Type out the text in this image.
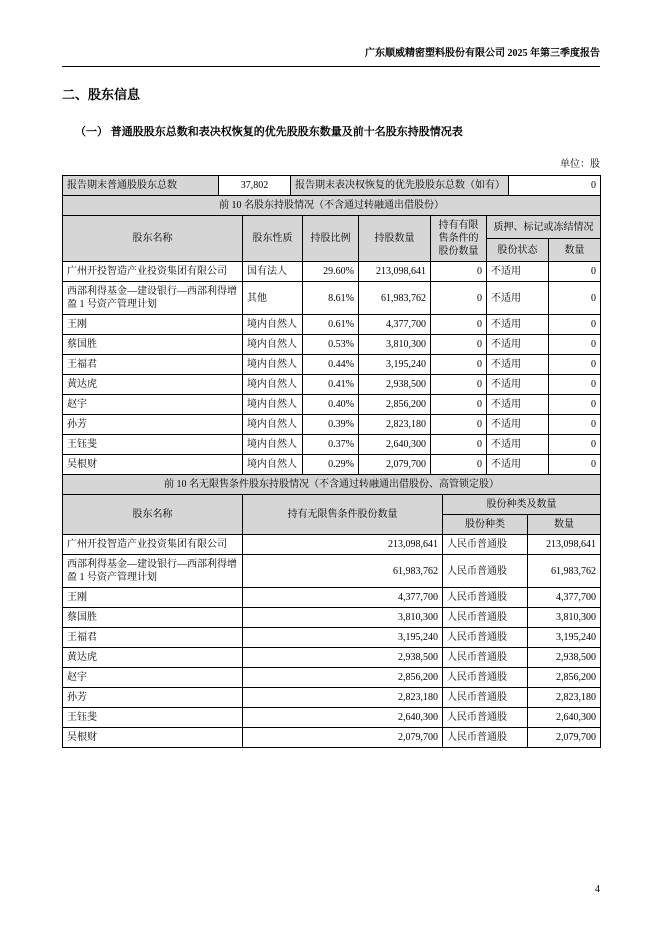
广东顺威精密塑料股份有限公司 2025 年第三季度报告
二、股东信息
（一） 普通股股东总数和表决权恢复的优先股股东数量及前十名股东持股情况表
单位：股
报告期末普通股股东总数	37,802	报告期末表决权恢复的优先股股东总数（如有）	0
前 10 名股东持股情况（不含通过转融通出借股份）						
股东名称	股东性质	持股比例	持股数量	持有有限售条件的股份数量	质押、标记或冻结情况	
					股份状态	数量
广州开投智造产业投资集团有限公司	国有法人	29.60%	213,098,641	0	不适用	0
西部利得基金—建设银行—西部利得增盈 1 号资产管理计划	其他	8.61%	61,983,762	0	不适用	0
王刚	境内自然人	0.61%	4,377,700	0	不适用	0
蔡国胜	境内自然人	0.53%	3,810,300	0	不适用	0
王福君	境内自然人	0.44%	3,195,240	0	不适用	0
黄达虎	境内自然人	0.41%	2,938,500	0	不适用	0
赵宇	境内自然人	0.40%	2,856,200	0	不适用	0
孙芳	境内自然人	0.39%	2,823,180	0	不适用	0
王钰斐	境内自然人	0.37%	2,640,300	0	不适用	0
吴根财	境内自然人	0.29%	2,079,700	0	不适用	0
前 10 名无限售条件股东持股情况（不含通过转融通出借股份、高管锁定股）			
股东名称	持有无限售条件股份数量	股份种类及数量	
		股份种类	数量
广州开投智造产业投资集团有限公司	213,098,641	人民币普通股	213,098,641
西部利得基金—建设银行—西部利得增盈 1 号资产管理计划	61,983,762	人民币普通股	61,983,762
王刚	4,377,700	人民币普通股	4,377,700
蔡国胜	3,810,300	人民币普通股	3,810,300
王福君	3,195,240	人民币普通股	3,195,240
黄达虎	2,938,500	人民币普通股	2,938,500
赵宇	2,856,200	人民币普通股	2,856,200
孙芳	2,823,180	人民币普通股	2,823,180
王钰斐	2,640,300	人民币普通股	2,640,300
吴根财	2,079,700	人民币普通股	2,079,700
4
